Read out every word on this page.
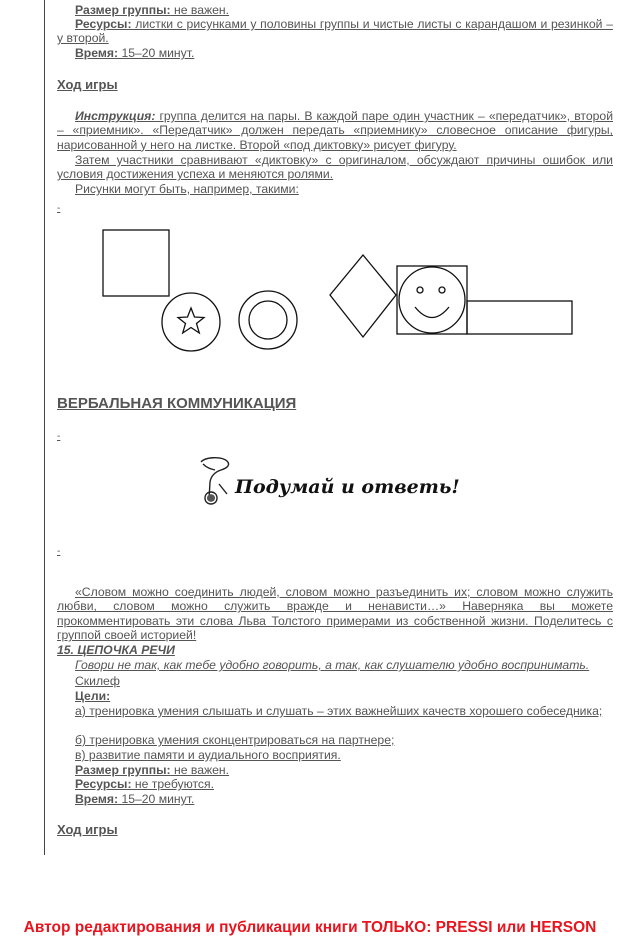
Размер группы: не важен.
Ресурсы: листки с рисунками у половины группы и чистые листы с карандашом и резинкой – у второй.
Время: 15–20 минут.
Ход игры
Инструкция: группа делится на пары. В каждой паре один участник – «передатчик», второй – «приемник». «Передатчик» должен передать «приемнику» словесное описание фигуры, нарисованной у него на листке. Второй «под диктовку» рисует фигуру.
Затем участники сравнивают «диктовку» с оригиналом, обсуждают причины ошибок или условия достижения успеха и меняются ролями.
Рисунки могут быть, например, такими:
-
ВЕРБАЛЬНАЯ КОММУНИКАЦИЯ
-
Подумай и ответь!
-
«Словом можно соединить людей, словом можно разъединить их; словом можно служить любви, словом можно служить вражде и ненависти…» Наверняка вы можете прокомментировать эти слова Льва Толстого примерами из собственной жизни. Поделитесь с группой своей историей!
15. ЦЕПОЧКА РЕЧИ
Говори не так, как тебе удобно говорить, а так, как слушателю удобно воспринимать.
Скилеф
Цели:
а) тренировка умения слышать и слушать – этих важнейших качеств хорошего собеседника;
б) тренировка умения сконцентрироваться на партнере;
в) развитие памяти и аудиального восприятия.
Размер группы: не важен.
Ресурсы: не требуются.
Время: 15–20 минут.
Ход игры
Автор редактирования и публикации книги ТОЛЬКО: PRESSI или HERSON
